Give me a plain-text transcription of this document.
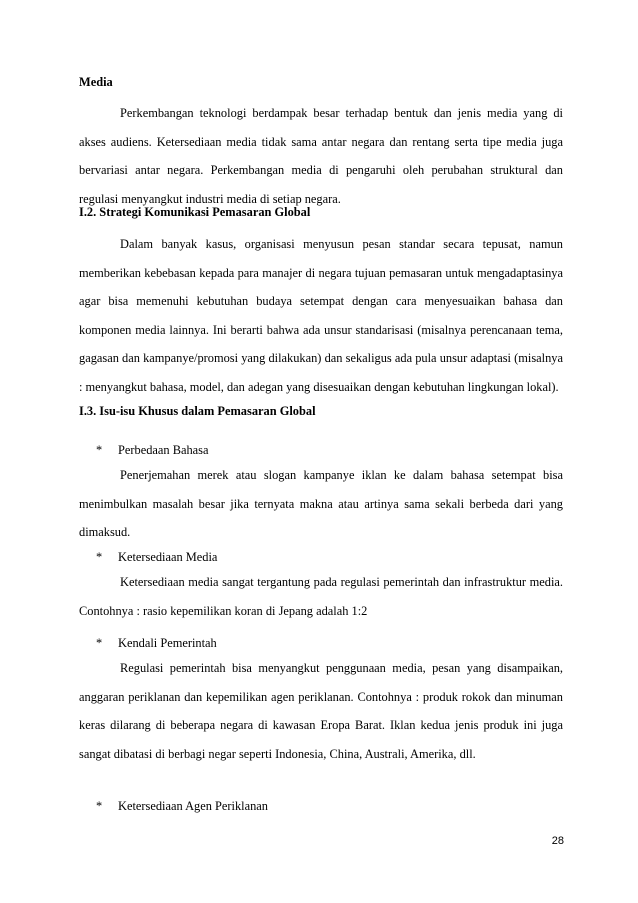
Media

Perkembangan teknologi berdampak besar terhadap bentuk dan jenis media yang di akses audiens. Ketersediaan media tidak sama antar negara dan rentang serta tipe media juga bervariasi antar negara. Perkembangan media di pengaruhi oleh perubahan struktural dan regulasi menyangkut industri media di setiap negara.

I.2. Strategi Komunikasi Pemasaran Global

Dalam banyak kasus, organisasi menyusun pesan standar secara tepusat, namun memberikan kebebasan kepada para manajer di negara tujuan pemasaran untuk mengadaptasinya agar bisa memenuhi kebutuhan budaya setempat dengan cara menyesuaikan bahasa dan komponen media lainnya. Ini berarti bahwa ada unsur standarisasi (misalnya perencanaan tema, gagasan dan kampanye/promosi yang dilakukan) dan sekaligus ada pula unsur adaptasi (misalnya : menyangkut bahasa, model, dan adegan yang disesuaikan dengan kebutuhan lingkungan lokal).

I.3. Isu-isu Khusus dalam Pemasaran Global
* Perbedaan Bahasa

Penerjemahan merek atau slogan kampanye iklan ke dalam bahasa setempat bisa menimbulkan masalah besar jika ternyata makna atau artinya sama sekali berbeda dari yang dimaksud.

* Ketersediaan Media

Ketersediaan media sangat tergantung pada regulasi pemerintah dan infrastruktur media. Contohnya : rasio kepemilikan koran di Jepang adalah 1:2

* Kendali Pemerintah

Regulasi pemerintah bisa menyangkut penggunaan media, pesan yang disampaikan, anggaran periklanan dan kepemilikan agen periklanan. Contohnya : produk rokok dan minuman keras dilarang di beberapa negara di kawasan Eropa Barat. Iklan kedua jenis produk ini juga sangat dibatasi di berbagi negar seperti Indonesia, China, Australi, Amerika, dll.

* Ketersediaan Agen Periklanan
28
